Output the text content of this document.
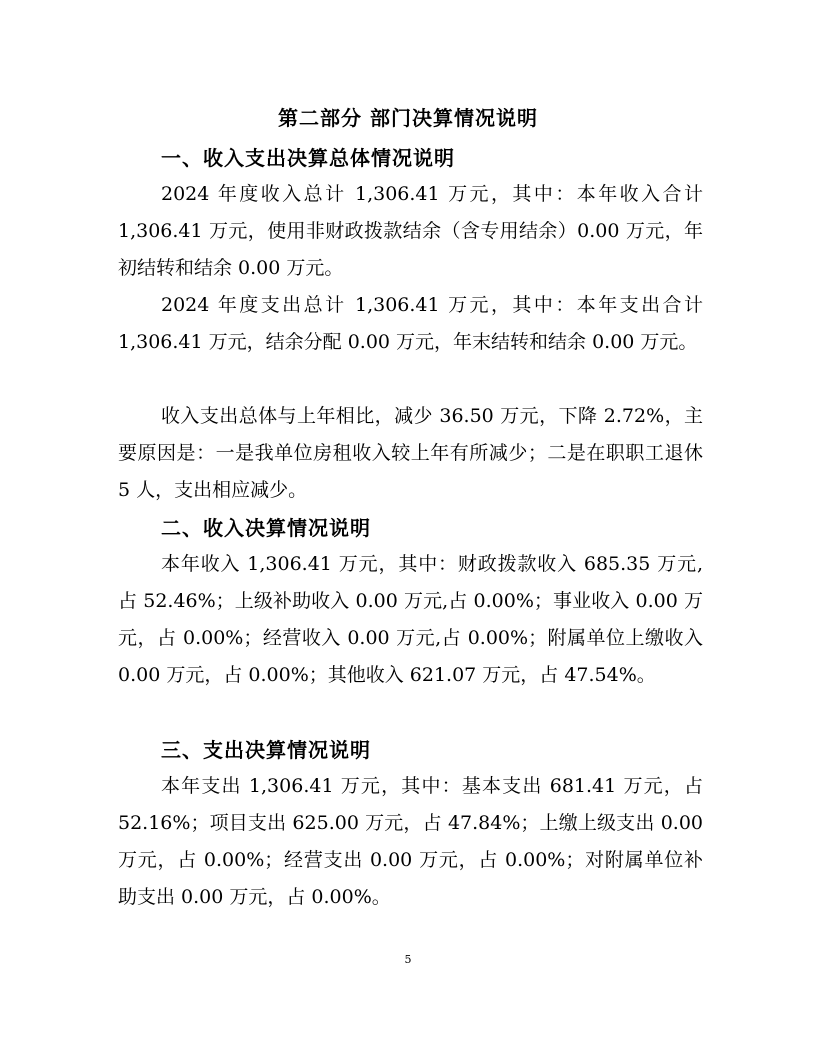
第二部分 部门决算情况说明
一、收入支出决算总体情况说明

2024 年度收入总计 1,306.41 万元，其中：本年收入合计 1,306.41 万元，使用非财政拨款结余（含专用结余）0.00 万元，年初结转和结余 0.00 万元。

2024 年度支出总计 1,306.41 万元，其中：本年支出合计 1,306.41 万元，结余分配 0.00 万元，年末结转和结余 0.00 万元。

收入支出总体与上年相比，减少 36.50 万元，下降 2.72%，主要原因是：一是我单位房租收入较上年有所减少；二是在职职工退休 5 人，支出相应减少。

二、收入决算情况说明

本年收入 1,306.41 万元，其中：财政拨款收入 685.35 万元,占 52.46%；上级补助收入 0.00 万元,占 0.00%；事业收入 0.00 万元，占 0.00%；经营收入 0.00 万元,占 0.00%；附属单位上缴收入 0.00 万元，占 0.00%；其他收入 621.07 万元，占 47.54%。

三、支出决算情况说明

本年支出 1,306.41 万元，其中：基本支出 681.41 万元，占 52.16%；项目支出 625.00 万元，占 47.84%；上缴上级支出 0.00 万元，占 0.00%；经营支出 0.00 万元，占 0.00%；对附属单位补助支出 0.00 万元，占 0.00%。

5
